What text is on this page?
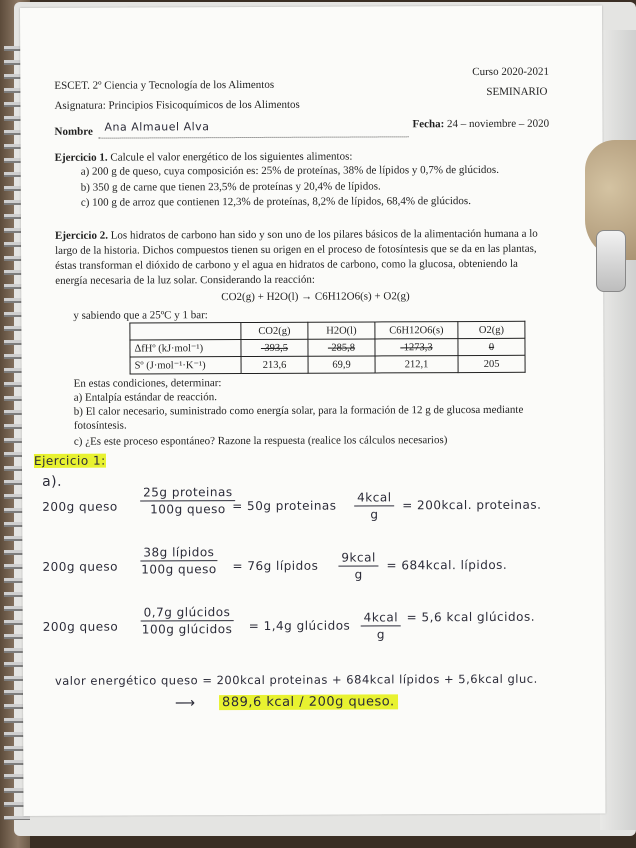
ESCET. 2º Ciencia y Tecnología de los Alimentos
Curso 2020-2021
SEMINARIO
Asignatura: Principios Fisicoquímicos de los Alimentos
Nombre Ana Almauel Alva	Fecha: 24 – noviembre – 2020
Ejercicio 1. Calcule el valor energético de los siguientes alimentos:
a) 200 g de queso, cuya composición es: 25% de proteínas, 38% de lípidos y 0,7% de glúcidos.
b) 350 g de carne que tienen 23,5% de proteínas y 20,4% de lípidos.
c) 100 g de arroz que contienen 12,3% de proteínas, 8,2% de lípidos, 68,4% de glúcidos.
Ejercicio 2. Los hidratos de carbono han sido y son uno de los pilares básicos de la alimentación humana a lo
largo de la historia. Dichos compuestos tienen su origen en el proceso de fotosíntesis que se da en las plantas,
éstas transforman el dióxido de carbono y el agua en hidratos de carbono, como la glucosa, obteniendo la
energía necesaria de la luz solar. Considerando la reacción:
CO2(g) + H2O(l) → C6H12O6(s) + O2(g)
y sabiendo que a 25ºC y 1 bar:
	CO2(g)	H2O(l)	C6H12O6(s)	O2(g)
ΔfHº (kJ·mol⁻¹)	-393,5	-285,8	-1273,3	0
Sº (J·mol⁻¹·K⁻¹)	213,6	69,9	212,1	205
En estas condiciones, determinar:
a) Entalpía estándar de reacción.
b) El calor necesario, suministrado como energía solar, para la formación de 12 g de glucosa mediante
fotosíntesis.
c) ¿Es este proceso espontáneo? Razone la respuesta (realice los cálculos necesarios)
Ejercicio 1:
a).
200g queso
25g proteinas
100g queso = 50g proteinas
4kcal
g
= 200kcal. proteinas.
200g queso
38g lípidos
100g queso = 76g lípidos
9kcal
g
= 684kcal. lípidos.
200g queso
0,7g glúcidos
100g glúcidos = 1,4g glúcidos
4kcal
g
= 5,6 kcal glúcidos.
valor energético queso = 200kcal proteinas + 684kcal lípidos + 5,6kcal gluc.
⟶ 889,6 kcal / 200g queso.
